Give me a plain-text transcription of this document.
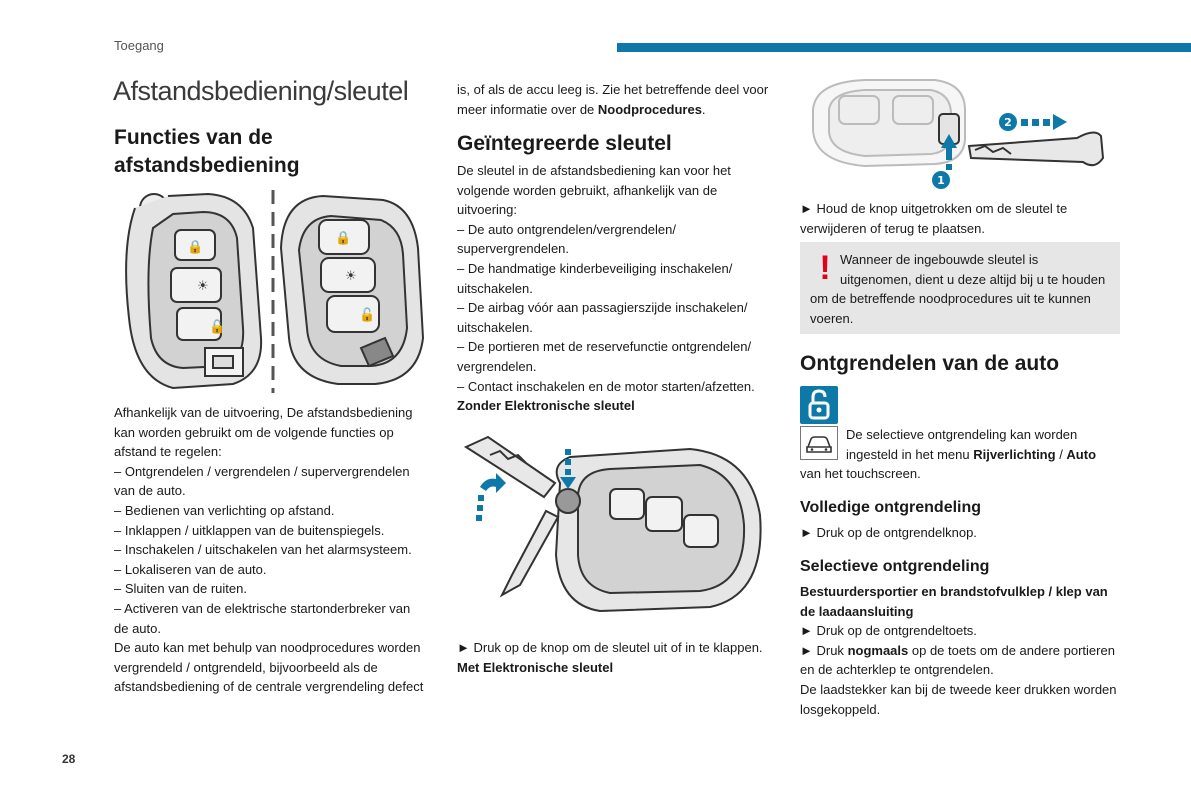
Toegang
Afstandsbediening/sleutel
Functies van de afstandsbediening
🔒
☀
🔓
🔒
☀
🔓

Afhankelijk van de uitvoering, De afstandsbediening kan worden gebruikt om de volgende functies op afstand te regelen:

– Ontgrendelen / vergrendelen / supervergrendelen van de auto.

– Bedienen van verlichting op afstand.

– Inklappen / uitklappen van de buitenspiegels.

– Inschakelen / uitschakelen van het alarmsysteem.

– Lokaliseren van de auto.

– Sluiten van de ruiten.

– Activeren van de elektrische startonderbreker van de auto.

De auto kan met behulp van noodprocedures worden vergrendeld / ontgrendeld, bijvoorbeeld als de afstandsbediening of de centrale vergrendeling defect

is, of als de accu leeg is. Zie het betreffende deel voor meer informatie over de Noodprocedures.

Geïntegreerde sleutel

De sleutel in de afstandsbediening kan voor het volgende worden gebruikt, afhankelijk van de uitvoering:

– De auto ontgrendelen/vergrendelen/ supervergrendelen.

– De handmatige kinderbeveiliging inschakelen/ uitschakelen.

– De airbag vóór aan passagierszijde inschakelen/ uitschakelen.

– De portieren met de reservefunctie ontgrendelen/ vergrendelen.

– Contact inschakelen en de motor starten/afzetten.

Zonder Elektronische sleutel

► Druk op de knop om de sleutel uit of in te klappen.

Met Elektronische sleutel

1
2

► Houd de knop uitgetrokken om de sleutel te verwijderen of terug te plaatsen.

! Wanneer de ingebouwde sleutel is uitgenomen, dient u deze altijd bij u te houden om de betreffende noodprocedures uit te kunnen voeren.
Ontgrendelen van de auto

De selectieve ontgrendeling kan worden ingesteld in het menu Rijverlichting / Auto

van het touchscreen.

Volledige ontgrendeling

► Druk op de ontgrendelknop.

Selectieve ontgrendeling

Bestuurdersportier en brandstofvulklep / klep van de laadaansluiting

► Druk op de ontgrendeltoets.

► Druk nogmaals op de toets om de andere portieren en de achterklep te ontgrendelen.

De laadstekker kan bij de tweede keer drukken worden losgekoppeld.

28
